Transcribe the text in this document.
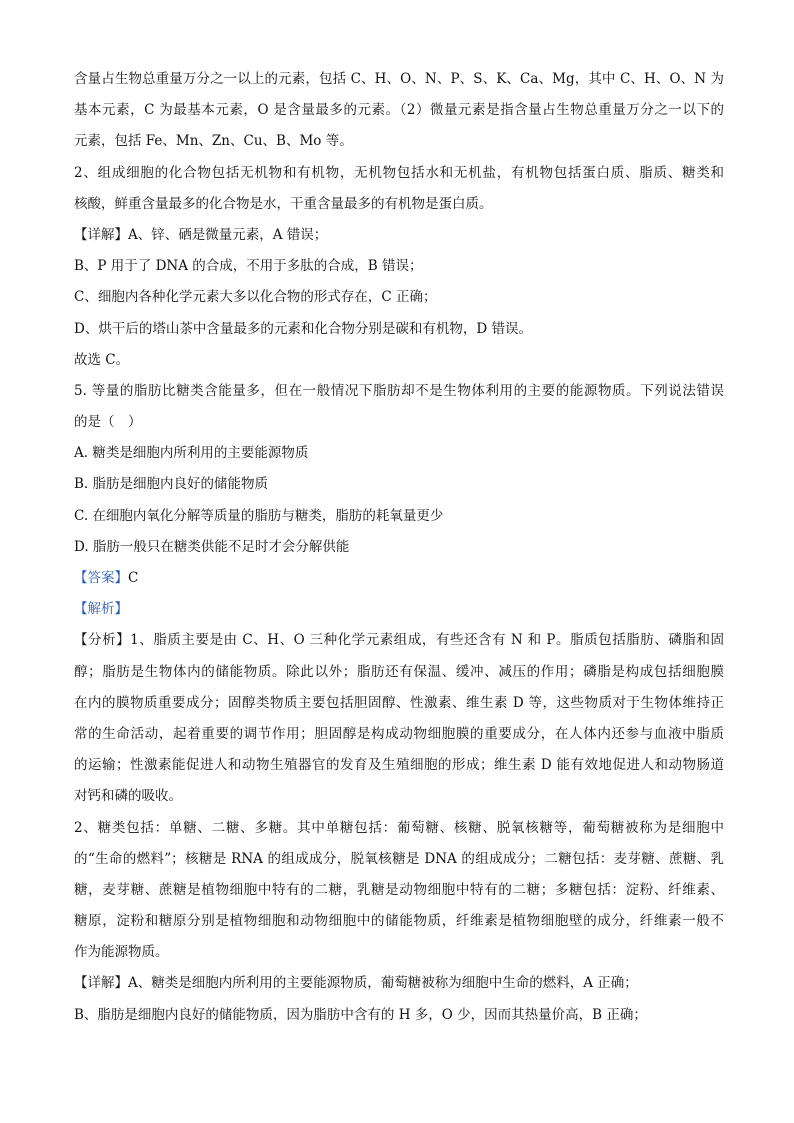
含量占生物总重量万分之一以上的元素，包括 C、H、O、N、P、S、K、Ca、Mg，其中 C、H、O、N 为
基本元素，C 为最基本元素，O 是含量最多的元素。（2）微量元素是指含量占生物总重量万分之一以下的
元素，包括 Fe、Mn、Zn、Cu、B、Mo 等。
2、组成细胞的化合物包括无机物和有机物，无机物包括水和无机盐，有机物包括蛋白质、脂质、糖类和
核酸，鲜重含量最多的化合物是水，干重含量最多的有机物是蛋白质。
【详解】A、锌、硒是微量元素，A 错误；
B、P 用于了 DNA 的合成，不用于多肽的合成，B 错误；
C、细胞内各种化学元素大多以化合物的形式存在，C 正确；
D、烘干后的塔山茶中含量最多的元素和化合物分别是碳和有机物，D 错误。
故选 C。
5. 等量的脂肪比糖类含能量多，但在一般情况下脂肪却不是生物体利用的主要的能源物质。下列说法错误
的是（　）
A. 糖类是细胞内所利用的主要能源物质
B. 脂肪是细胞内良好的储能物质
C. 在细胞内氧化分解等质量的脂肪与糖类，脂肪的耗氧量更少
D. 脂肪一般只在糖类供能不足时才会分解供能
【答案】C
【解析】
【分析】1、脂质主要是由 C、H、O 三种化学元素组成，有些还含有 N 和 P。脂质包括脂肪、磷脂和固
醇；脂肪是生物体内的储能物质。除此以外；脂肪还有保温、缓冲、减压的作用；磷脂是构成包括细胞膜
在内的膜物质重要成分；固醇类物质主要包括胆固醇、性激素、维生素 D 等，这些物质对于生物体维持正
常的生命活动，起着重要的调节作用；胆固醇是构成动物细胞膜的重要成分，在人体内还参与血液中脂质
的运输；性激素能促进人和动物生殖器官的发育及生殖细胞的形成；维生素 D 能有效地促进人和动物肠道
对钙和磷的吸收。
2、糖类包括：单糖、二糖、多糖。其中单糖包括：葡萄糖、核糖、脱氧核糖等，葡萄糖被称为是细胞中
的“生命的燃料”；核糖是 RNA 的组成成分，脱氧核糖是 DNA 的组成成分；二糖包括：麦芽糖、蔗糖、乳
糖，麦芽糖、蔗糖是植物细胞中特有的二糖，乳糖是动物细胞中特有的二糖；多糖包括：淀粉、纤维素、
糖原，淀粉和糖原分别是植物细胞和动物细胞中的储能物质，纤维素是植物细胞壁的成分，纤维素一般不
作为能源物质。
【详解】A、糖类是细胞内所利用的主要能源物质，葡萄糖被称为细胞中生命的燃料，A 正确；
B、脂肪是细胞内良好的储能物质，因为脂肪中含有的 H 多，O 少，因而其热量价高，B 正确；
